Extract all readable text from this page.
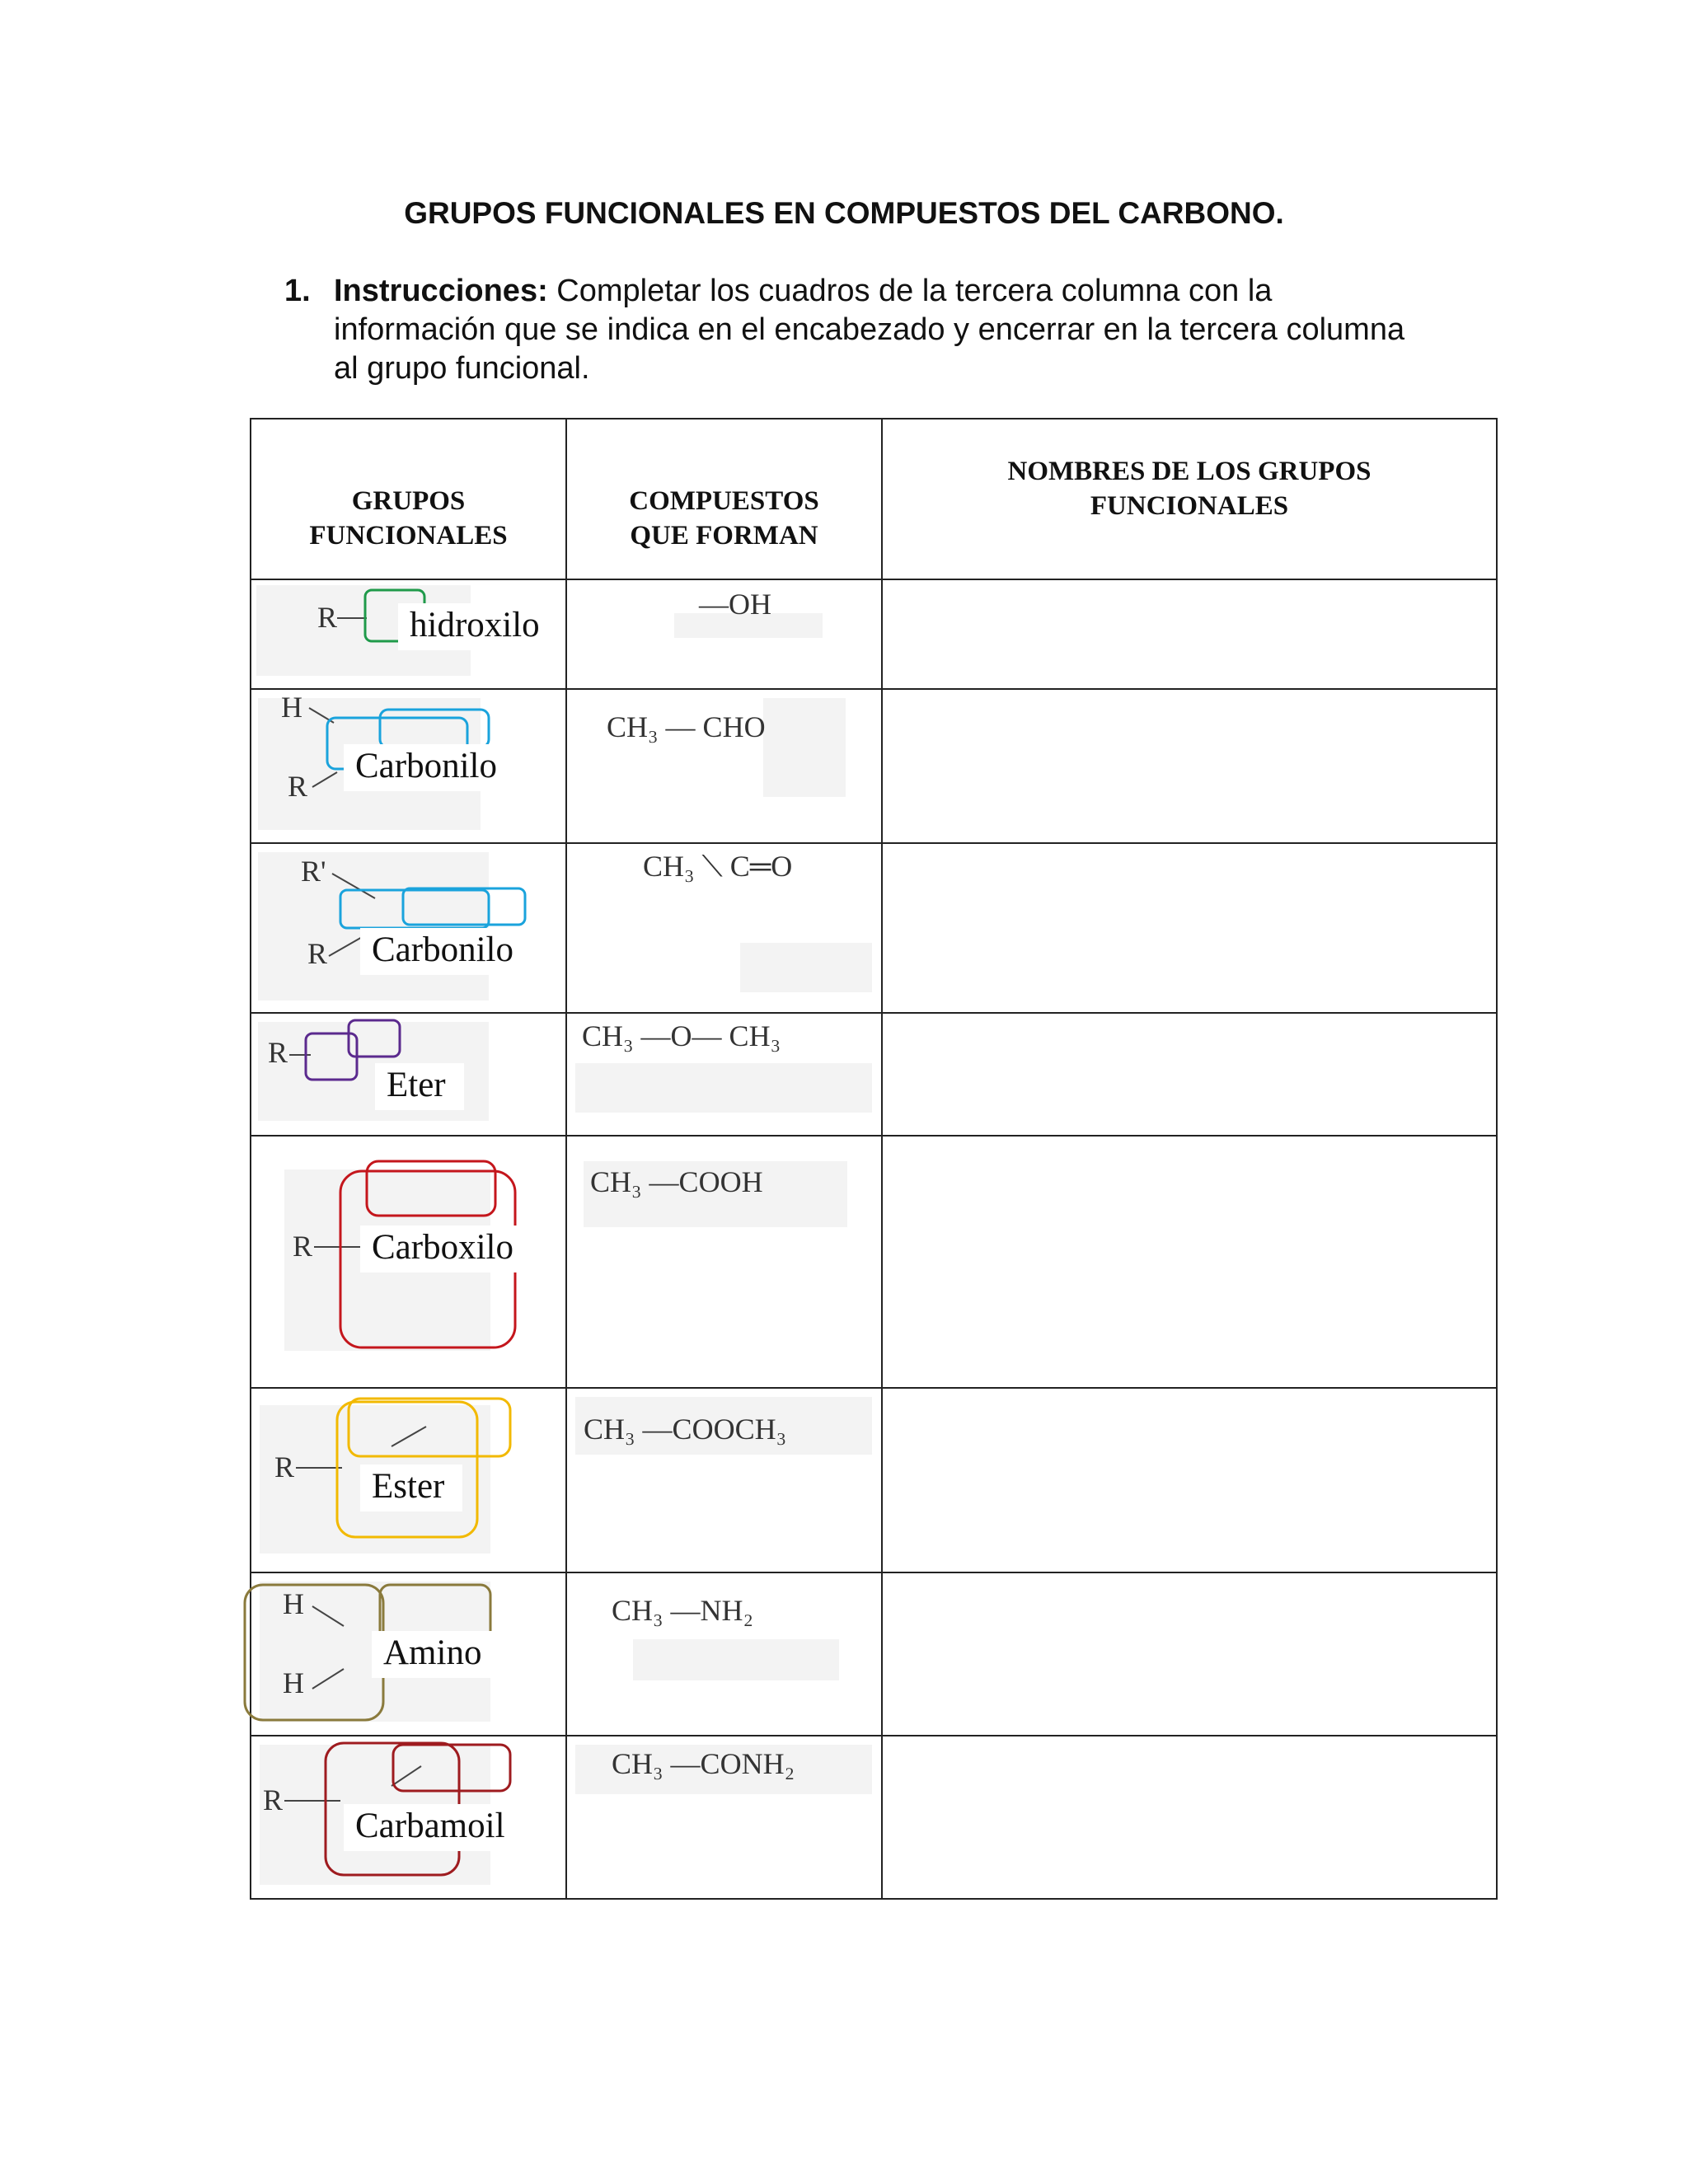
GRUPOS FUNCIONALES EN COMPUESTOS DEL CARBONO.
1. Instrucciones: Completar los cuadros de la tercera columna con la información que se indica en el encabezado y encerrar en la tercera columna al grupo funcional.
GRUPOS FUNCIONALES	COMPUESTOS QUE FORMAN	NOMBRES DE LOS GRUPOS FUNCIONALES

R hidroxilo	—OH	

H
R
Carbonilo	CH₃ — CHO	

R'
R Carbonilo	CH₃ ⟍ C═O	

R
Eter	CH₃ —O— CH₃	

R Carboxilo	CH₃ —COOH	

R Ester	CH₃ —COOCH₃	

H
H
Amino	CH₃ —NH₂	

R
Carbamoil	CH₃ —CONH₂	
